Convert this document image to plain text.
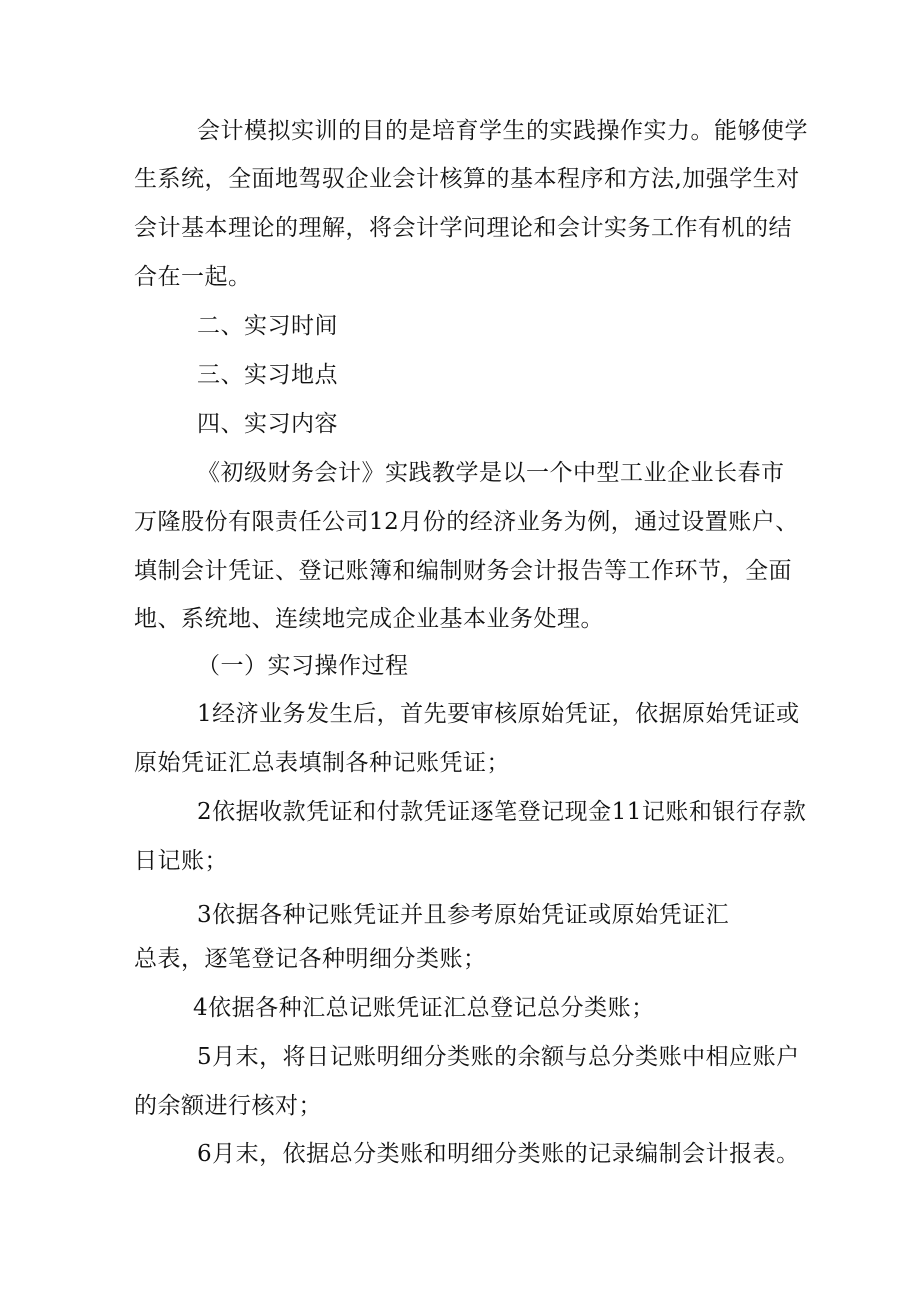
会计模拟实训的目的是培育学生的实践操作实力。能够使学

生系统，全面地驾驭企业会计核算的基本程序和方法,加强学生对

会计基本理论的理解，将会计学问理论和会计实务工作有机的结

合在一起。

二、实习时间

三、实习地点

四、实习内容

《初级财务会计》实践教学是以一个中型工业企业长春市

万隆股份有限责任公司12月份的经济业务为例，通过设置账户、

填制会计凭证、登记账簿和编制财务会计报告等工作环节，全面

地、系统地、连续地完成企业基本业务处理。

（一）实习操作过程

1经济业务发生后，首先要审核原始凭证，依据原始凭证或

原始凭证汇总表填制各种记账凭证；

2依据收款凭证和付款凭证逐笔登记现金11记账和银行存款

日记账；

3依据各种记账凭证并且参考原始凭证或原始凭证汇

总表，逐笔登记各种明细分类账；

4依据各种汇总记账凭证汇总登记总分类账；

5月末，将日记账明细分类账的余额与总分类账中相应账户

的余额进行核对；

6月末，依据总分类账和明细分类账的记录编制会计报表。
